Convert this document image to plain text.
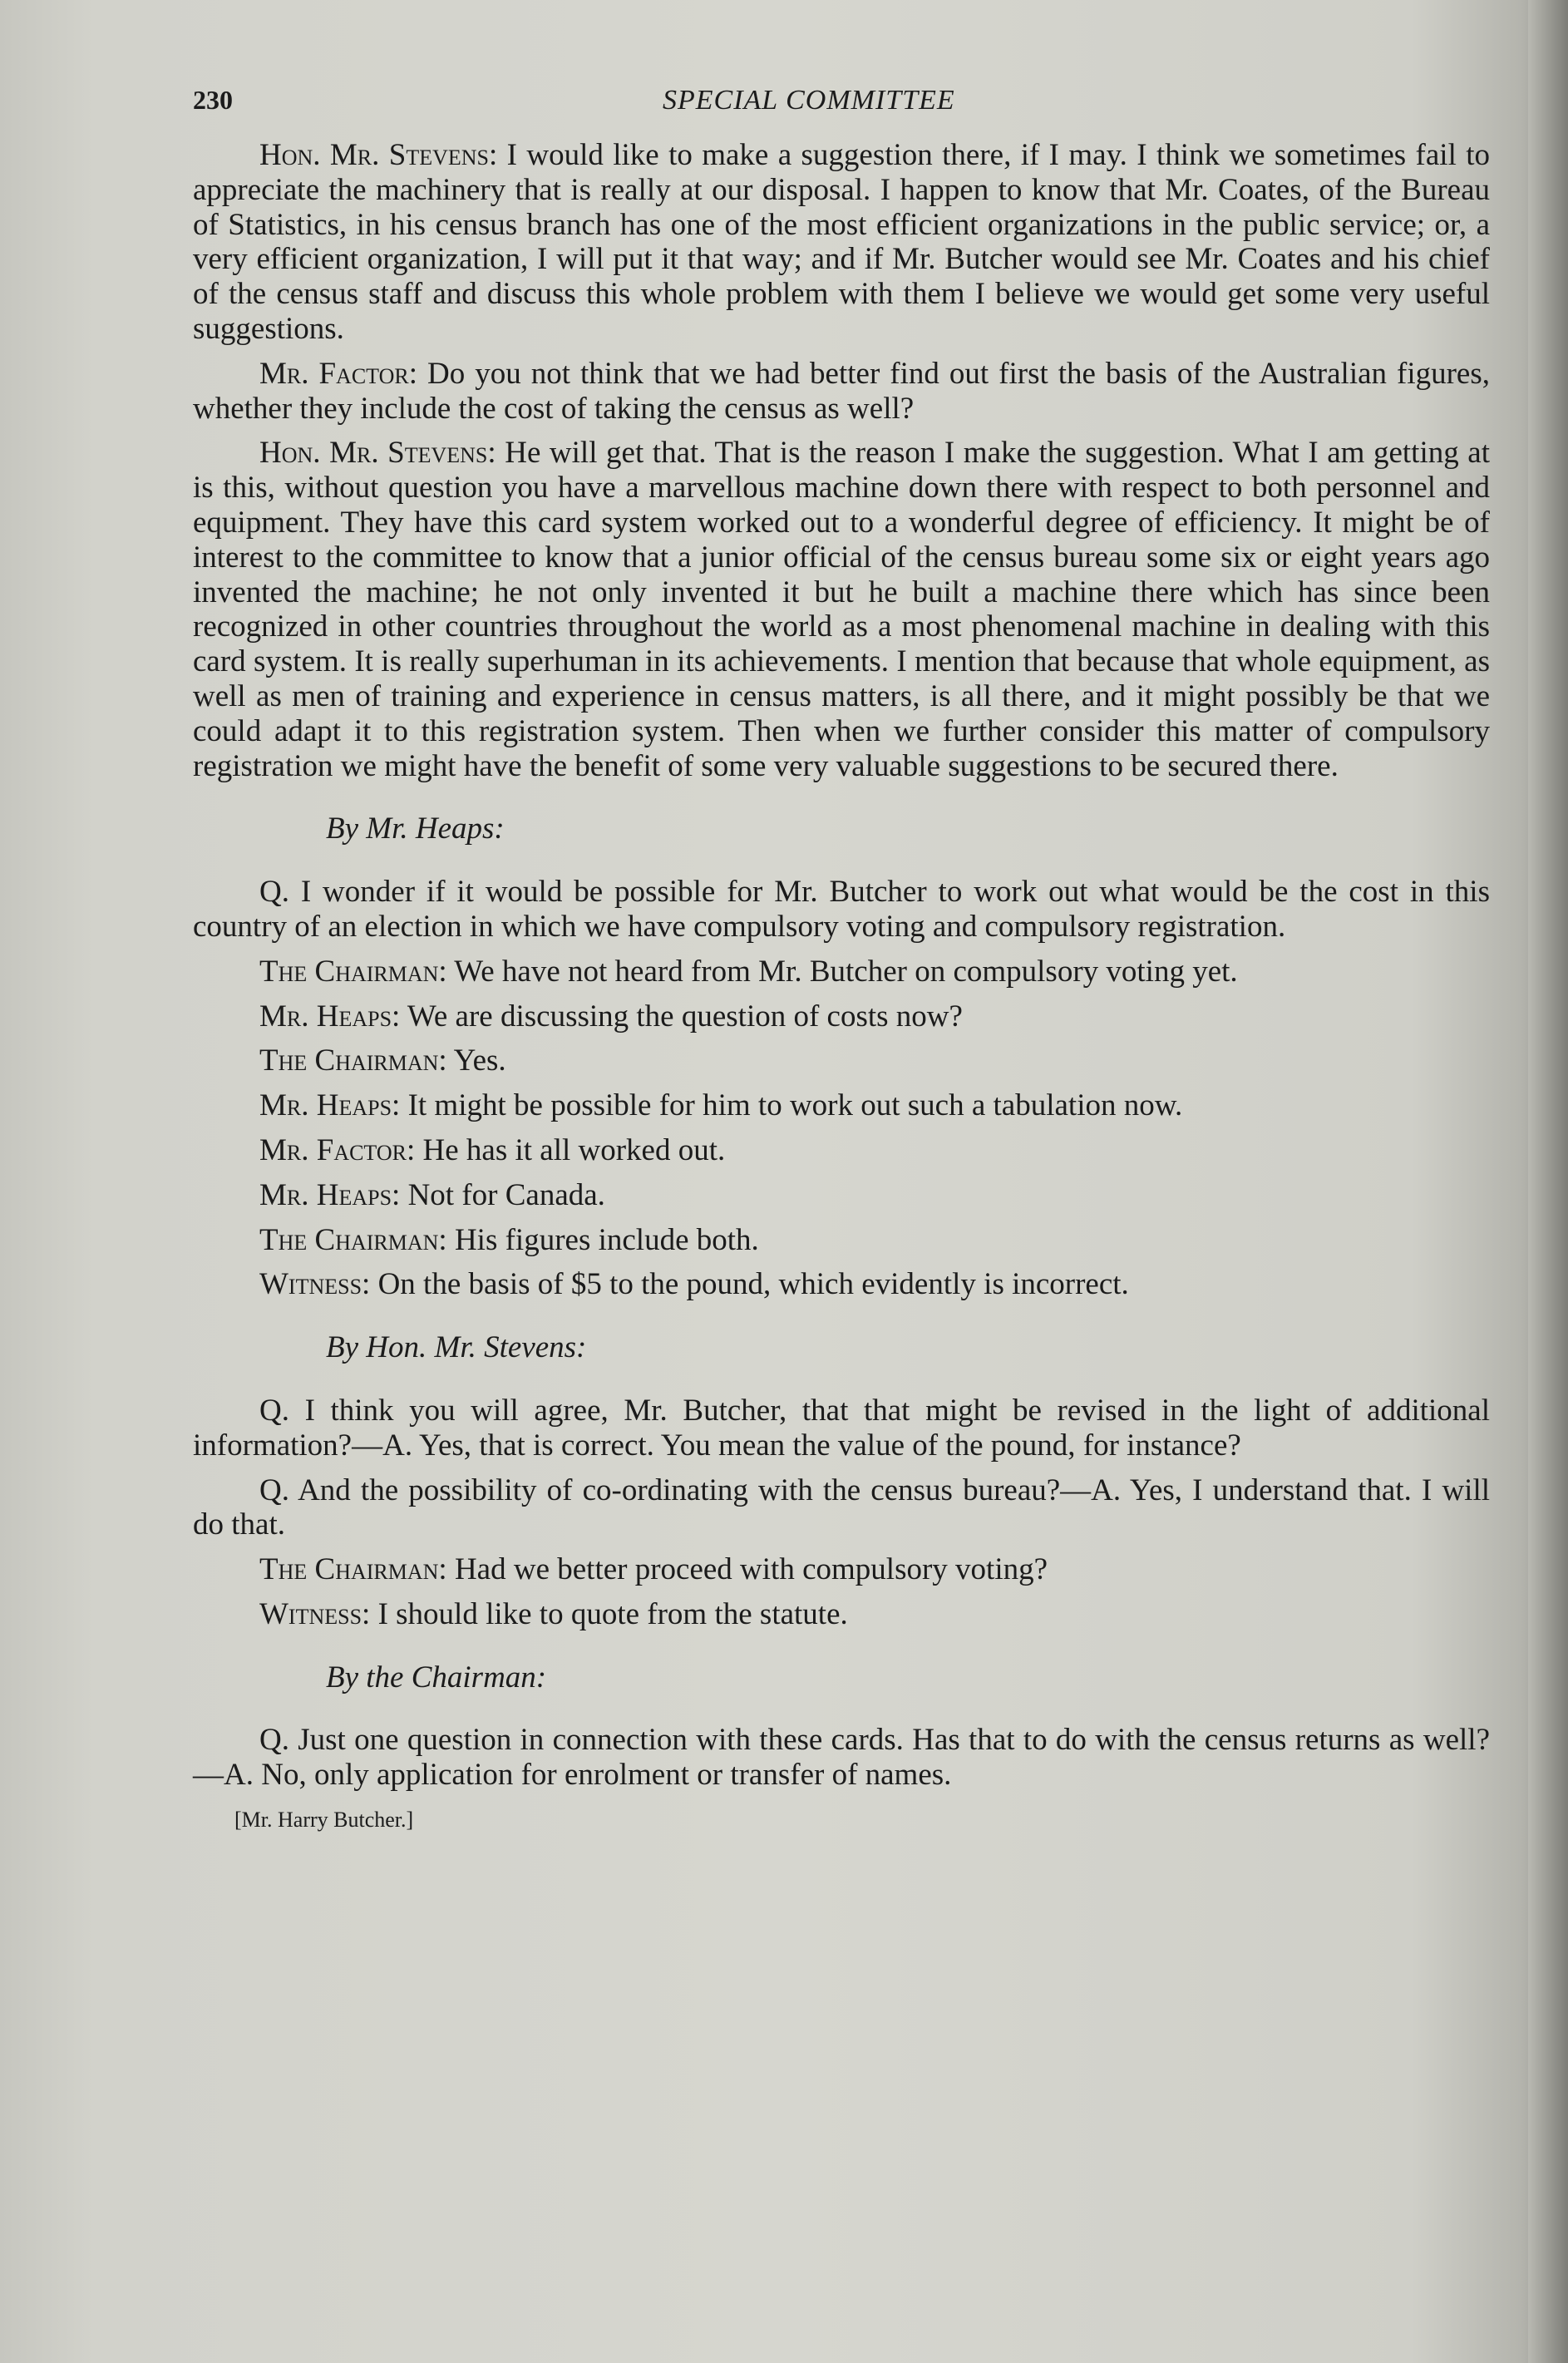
230	SPECIAL COMMITTEE

Hon. Mr. Stevens: I would like to make a suggestion there, if I may. I think we sometimes fail to appreciate the machinery that is really at our disposal. I happen to know that Mr. Coates, of the Bureau of Statistics, in his census branch has one of the most efficient organizations in the public service; or, a very efficient organization, I will put it that way; and if Mr. Butcher would see Mr. Coates and his chief of the census staff and discuss this whole problem with them I believe we would get some very useful suggestions.

Mr. Factor: Do you not think that we had better find out first the basis of the Australian figures, whether they include the cost of taking the census as well?

Hon. Mr. Stevens: He will get that. That is the reason I make the suggestion. What I am getting at is this, without question you have a marvellous machine down there with respect to both personnel and equipment. They have this card system worked out to a wonderful degree of efficiency. It might be of interest to the committee to know that a junior official of the census bureau some six or eight years ago invented the machine; he not only invented it but he built a machine there which has since been recognized in other countries throughout the world as a most phenomenal machine in dealing with this card system. It is really superhuman in its achievements. I mention that because that whole equipment, as well as men of training and experience in census matters, is all there, and it might possibly be that we could adapt it to this registration system. Then when we further consider this matter of compulsory registration we might have the benefit of some very valuable suggestions to be secured there.

By Mr. Heaps:

Q. I wonder if it would be possible for Mr. Butcher to work out what would be the cost in this country of an election in which we have compulsory voting and compulsory registration.

The Chairman: We have not heard from Mr. Butcher on compulsory voting yet.

Mr. Heaps: We are discussing the question of costs now?

The Chairman: Yes.

Mr. Heaps: It might be possible for him to work out such a tabulation now.

Mr. Factor: He has it all worked out.

Mr. Heaps: Not for Canada.

The Chairman: His figures include both.

Witness: On the basis of $5 to the pound, which evidently is incorrect.

By Hon. Mr. Stevens:

Q. I think you will agree, Mr. Butcher, that that might be revised in the light of additional information?—A. Yes, that is correct. You mean the value of the pound, for instance?

Q. And the possibility of co-ordinating with the census bureau?—A. Yes, I understand that. I will do that.

The Chairman: Had we better proceed with compulsory voting?

Witness: I should like to quote from the statute.

By the Chairman:

Q. Just one question in connection with these cards. Has that to do with the census returns as well?—A. No, only application for enrolment or transfer of names.

[Mr. Harry Butcher.]
